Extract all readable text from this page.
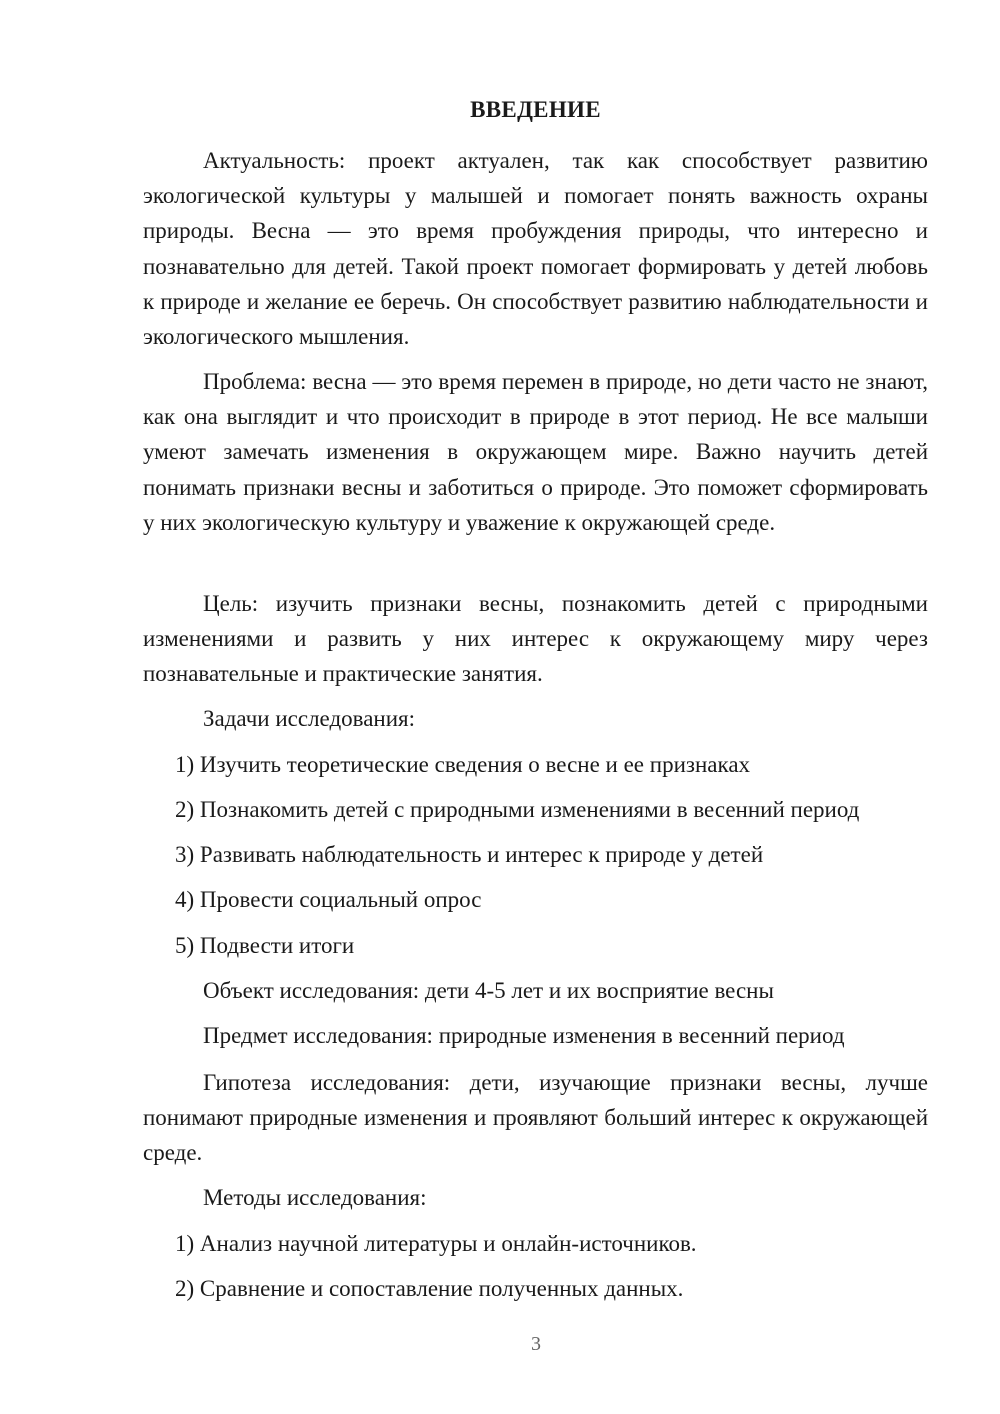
ВВЕДЕНИЕ

Актуальность: проект актуален, так как способствует развитию экологической культуры у малышей и помогает понять важность охраны природы. Весна — это время пробуждения природы, что интересно и познавательно для детей. Такой проект помогает формировать у детей любовь к природе и желание ее беречь. Он способствует развитию наблюдательности и экологического мышления.

Проблема: весна — это время перемен в природе, но дети часто не знают, как она выглядит и что происходит в природе в этот период. Не все малыши умеют замечать изменения в окружающем мире. Важно научить детей понимать признаки весны и заботиться о природе. Это поможет сформировать у них экологическую культуру и уважение к окружающей среде.

Цель: изучить признаки весны, познакомить детей с природными изменениями и развить у них интерес к окружающему миру через познавательные и практические занятия.

Задачи исследования:
1) Изучить теоретические сведения о весне и ее признаках
2) Познакомить детей с природными изменениями в весенний период
3) Развивать наблюдательность и интерес к природе у детей
4) Провести социальный опрос
5) Подвести итоги
Объект исследования: дети 4-5 лет и их восприятие весны
Предмет исследования: природные изменения в весенний период

Гипотеза исследования: дети, изучающие признаки весны, лучше понимают природные изменения и проявляют больший интерес к окружающей среде.

Методы исследования:
1) Анализ научной литературы и онлайн-источников.
2) Сравнение и сопоставление полученных данных.
3
